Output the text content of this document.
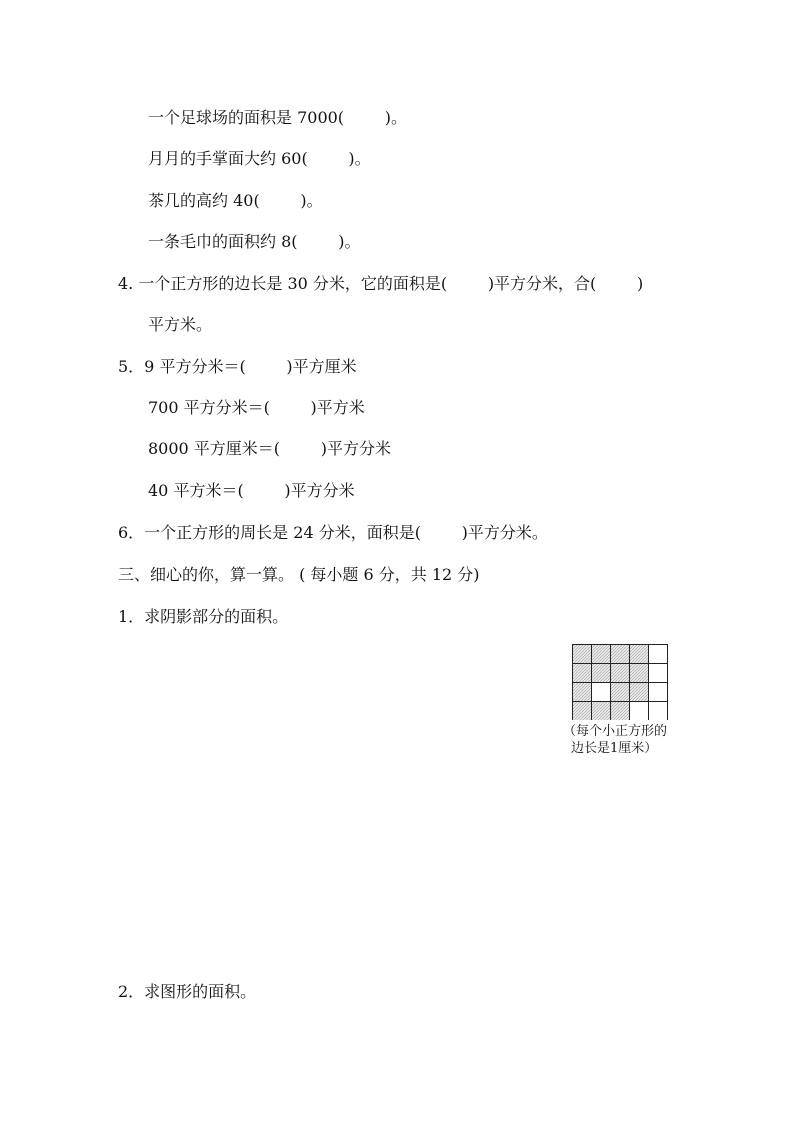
一个足球场的面积是 7000(        )。
月月的手掌面大约 60(        )。
茶几的高约 40(        )。
一条毛巾的面积约 8(        )。
4. 一个正方形的边长是 30 分米，它的面积是(        )平方分米，合(        )
平方米。
5．9 平方分米＝(        )平方厘米
700 平方分米＝(        )平方米
8000 平方厘米＝(        )平方分米
40 平方米＝(        )平方分米
6．一个正方形的周长是 24 分米，面积是(        )平方分米。
三、细心的你，算一算。 ( 每小题 6 分，共 12 分)
1．求阴影部分的面积。
（每个小正方形的
边长是1厘米）
2．求图形的面积。
